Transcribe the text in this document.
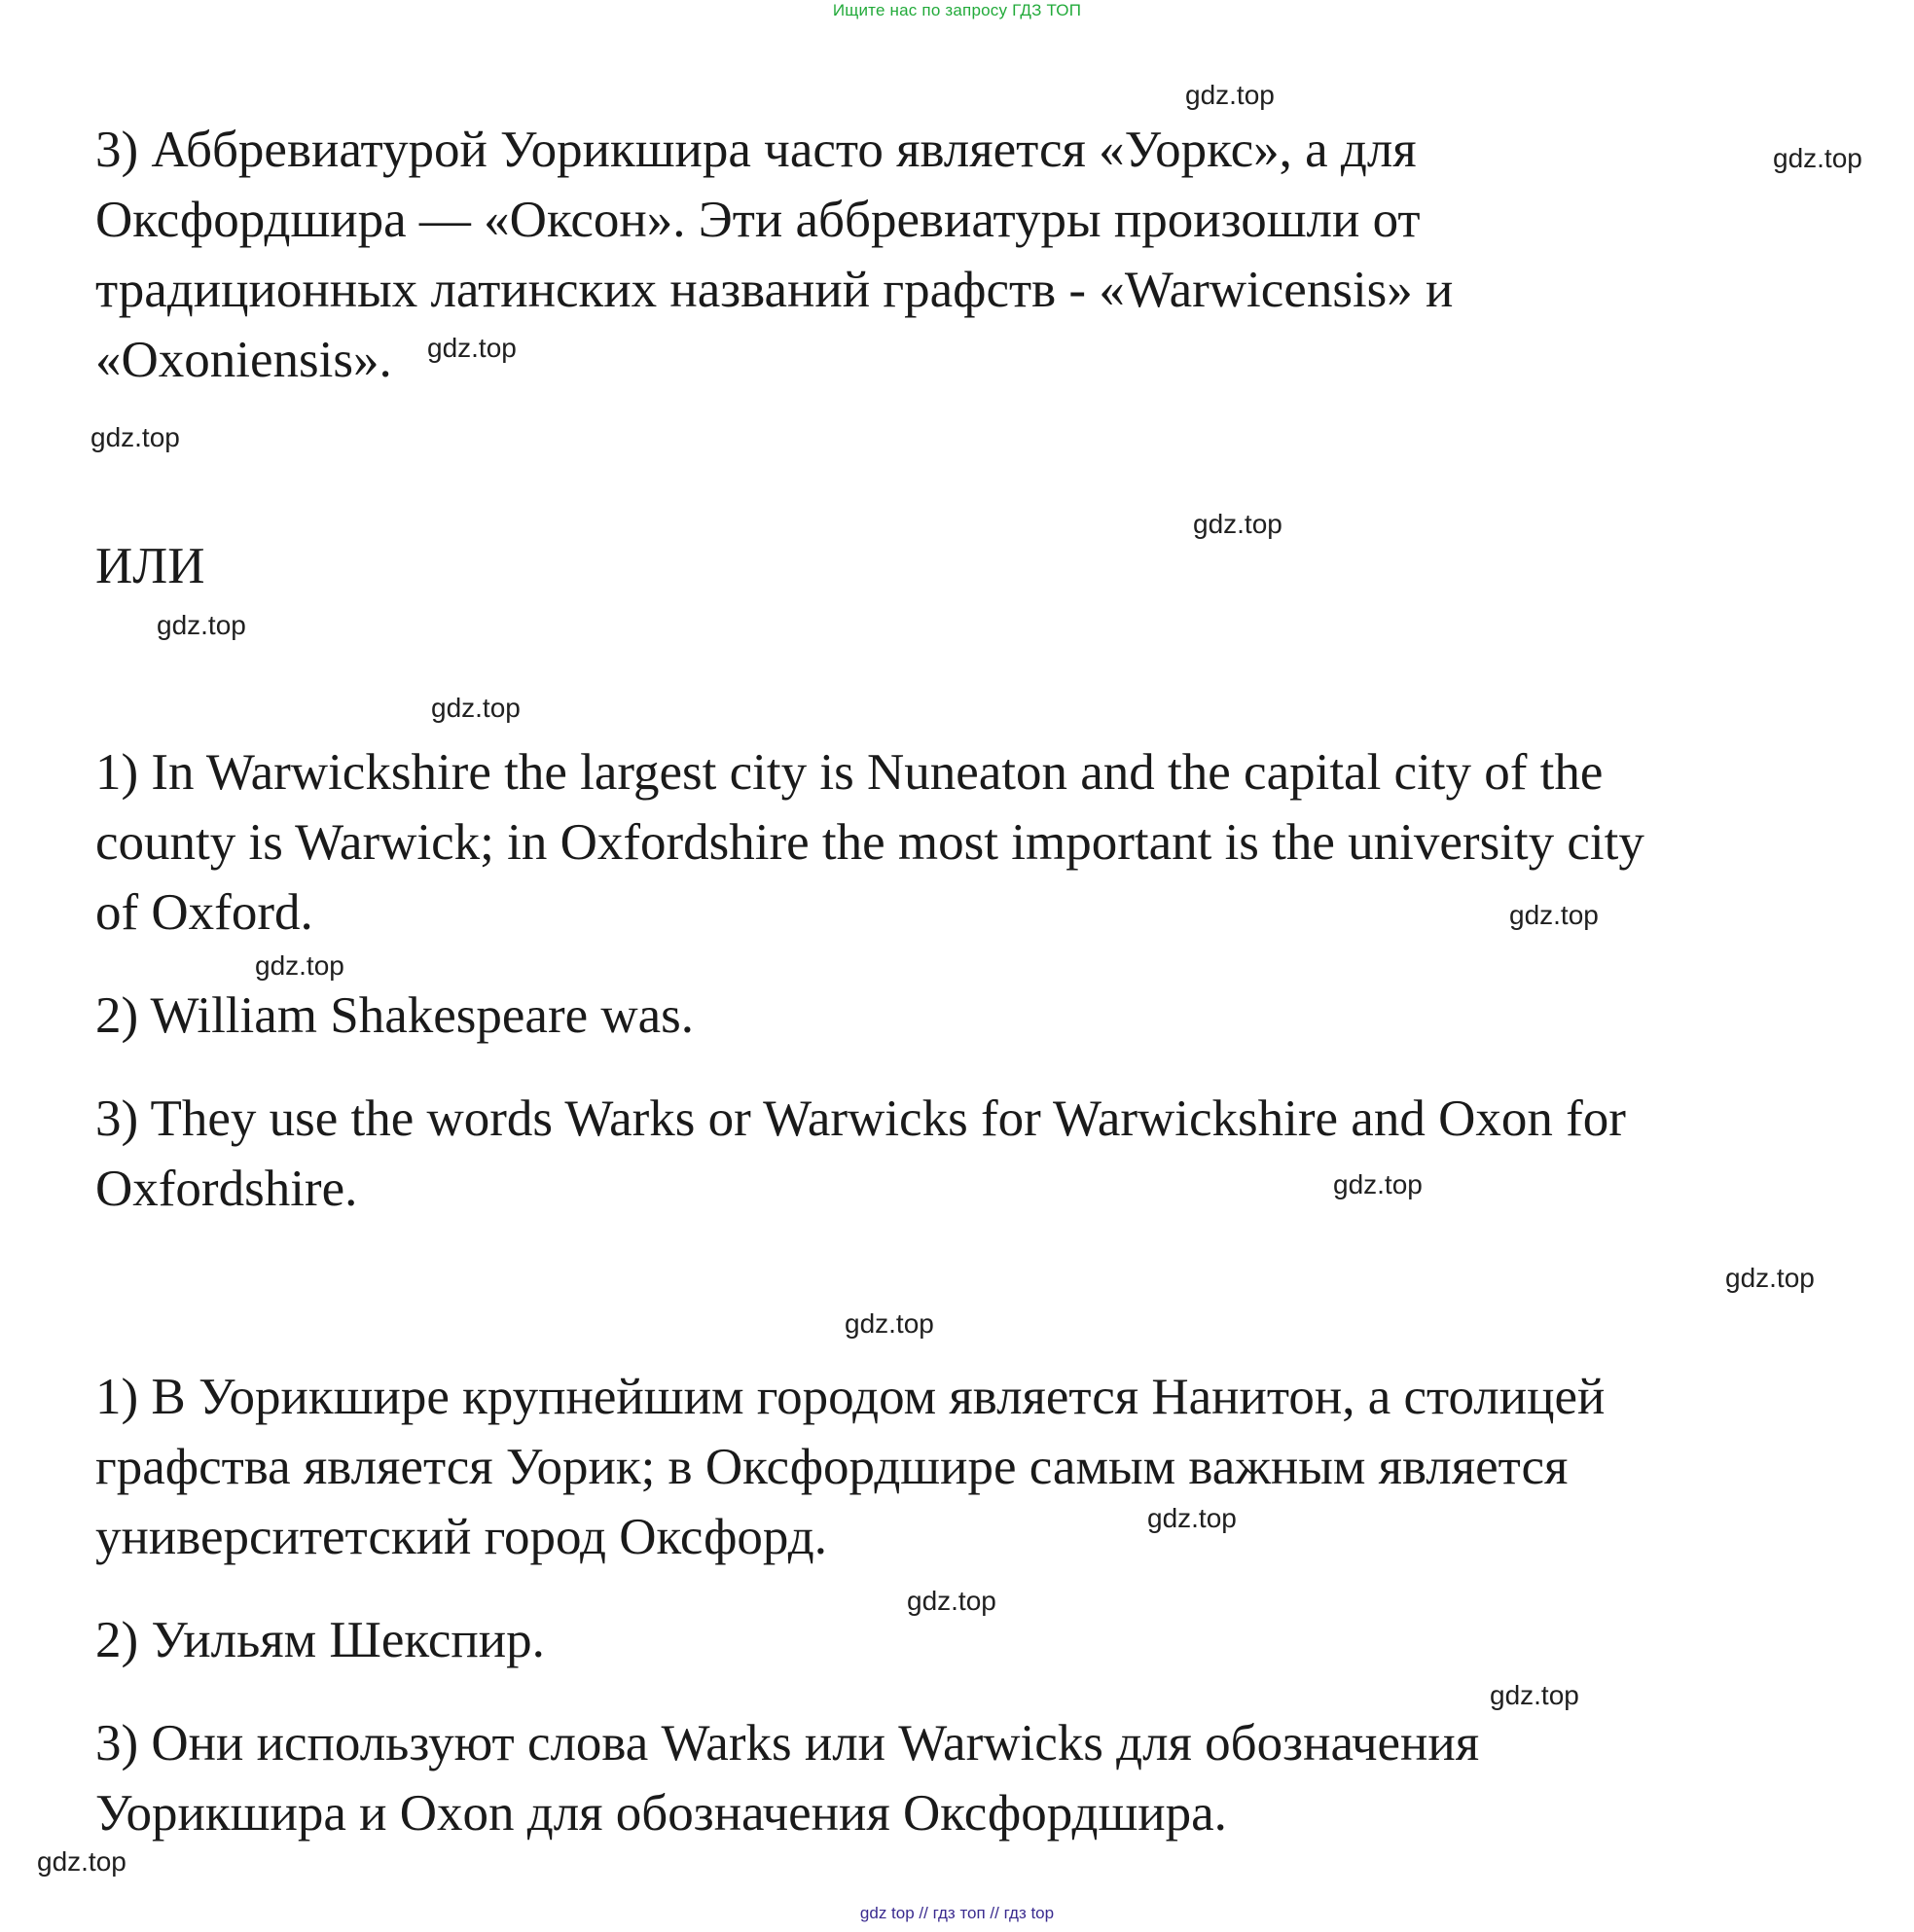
Ищите нас по запросу ГДЗ ТОП
3) Аббревиатурой Уорикшира часто является «Уоркс», а для
Оксфордшира — «Оксон». Эти аббревиатуры произошли от
традиционных латинских названий графств - «Warwicensis» и
«Oxoniensis».
ИЛИ
1) In Warwickshire the largest city is Nuneaton and the capital city of the
county is Warwick; in Oxfordshire the most important is the university city
of Oxford.
2) William Shakespeare was.
3) They use the words Warks or Warwicks for Warwickshire and Oxon for
Oxfordshire.
1) В Уорикшире крупнейшим городом является Нанитон, а столицей
графства является Уорик; в Оксфордшире самым важным является
университетский город Оксфорд.
2) Уильям Шекспир.
3) Они используют слова Warks или Warwicks для обозначения
Уорикшира и Oxon для обозначения Оксфордшира.
gdz.top
gdz.top
gdz.top
gdz.top
gdz.top
gdz.top
gdz.top
gdz.top
gdz.top
gdz.top
gdz.top
gdz.top
gdz.top
gdz.top
gdz.top
gdz.top
gdz top // гдз топ // гдз top
